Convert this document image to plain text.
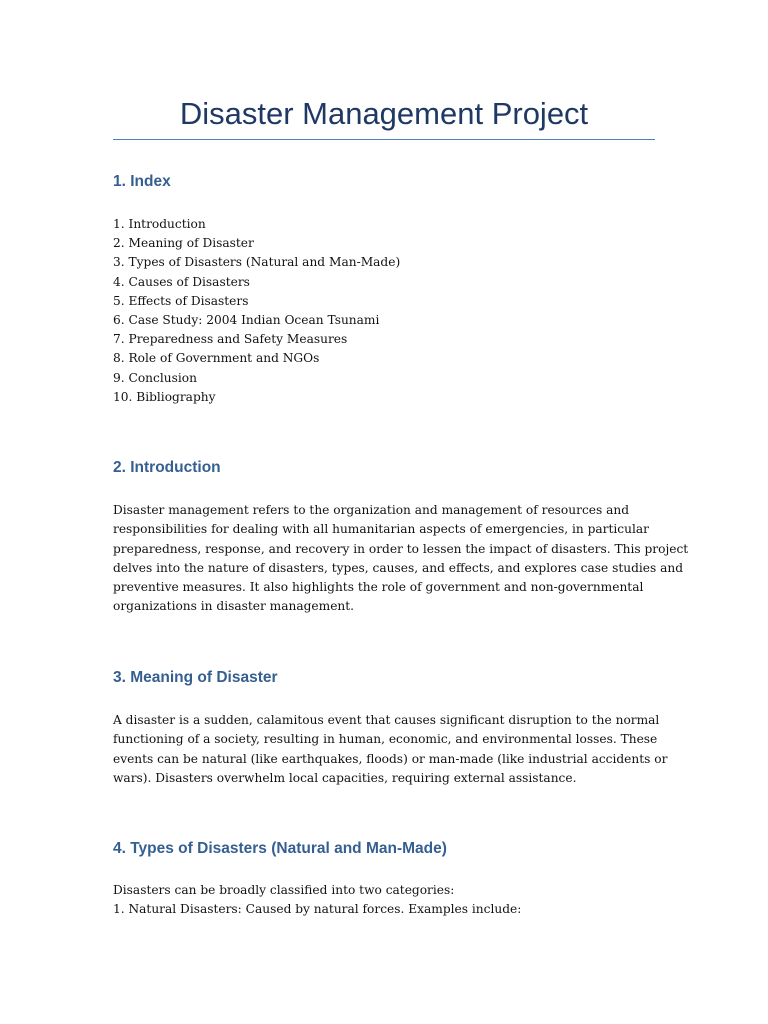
Disaster Management Project
1. Index
1. Introduction
2. Meaning of Disaster
3. Types of Disasters (Natural and Man-Made)
4. Causes of Disasters
5. Effects of Disasters
6. Case Study: 2004 Indian Ocean Tsunami
7. Preparedness and Safety Measures
8. Role of Government and NGOs
9. Conclusion
10. Bibliography
2. Introduction
Disaster management refers to the organization and management of resources and
responsibilities for dealing with all humanitarian aspects of emergencies, in particular
preparedness, response, and recovery in order to lessen the impact of disasters. This project
delves into the nature of disasters, types, causes, and effects, and explores case studies and
preventive measures. It also highlights the role of government and non-governmental
organizations in disaster management.
3. Meaning of Disaster
A disaster is a sudden, calamitous event that causes significant disruption to the normal
functioning of a society, resulting in human, economic, and environmental losses. These
events can be natural (like earthquakes, floods) or man-made (like industrial accidents or
wars). Disasters overwhelm local capacities, requiring external assistance.
4. Types of Disasters (Natural and Man-Made)
Disasters can be broadly classified into two categories:
1. Natural Disasters: Caused by natural forces. Examples include:
